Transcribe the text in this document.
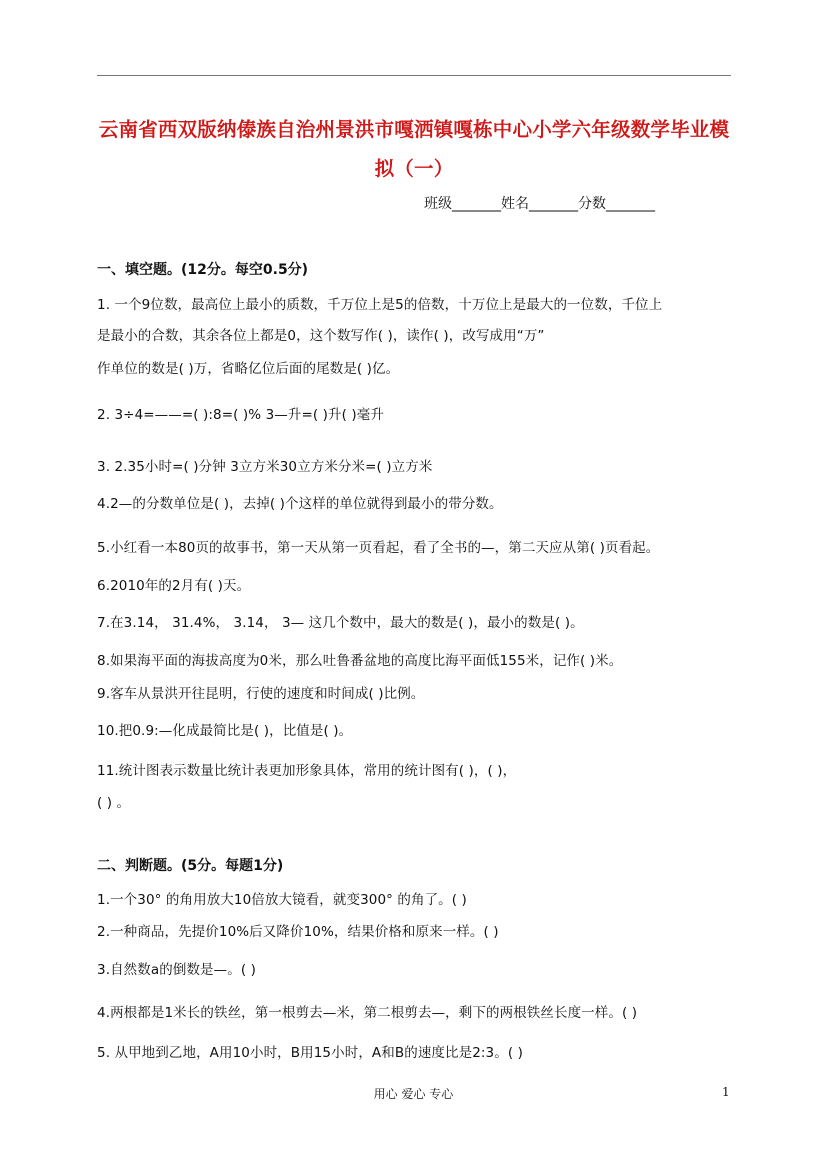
云南省西双版纳傣族自治州景洪市嘎洒镇嘎栋中心小学六年级数学毕业模
拟（一）
班级_______姓名_______分数_______
一、填空题。(12分。每空0.5分)
1. 一个9位数，最高位上最小的质数，千万位上是5的倍数，十万位上是最大的一位数，千位上
是最小的合数，其余各位上都是0，这个数写作( )，读作( )，改写成用“万”
作单位的数是( )万，省略亿位后面的尾数是( )亿。
2. 3÷4=——=( ):8=( )% 3—升=( )升( )毫升
3. 2.35小时=( )分钟 3立方米30立方米分米=( )立方米
4.2—的分数单位是( )，去掉( )个这样的单位就得到最小的带分数。
5.小红看一本80页的故事书，第一天从第一页看起，看了全书的—，第二天应从第( )页看起。
6.2010年的2月有( )天。
7.在3.14， 31.4%， 3.14， 3— 这几个数中，最大的数是( )，最小的数是( )。
8.如果海平面的海拔高度为0米，那么吐鲁番盆地的高度比海平面低155米，记作( )米。
9.客车从景洪开往昆明，行使的速度和时间成( )比例。
10.把0.9:—化成最简比是( )，比值是( )。
11.统计图表示数量比统计表更加形象具体，常用的统计图有( )，( )，
( ) 。
二、判断题。(5分。每题1分)
1.一个30° 的角用放大10倍放大镜看，就变300° 的角了。( )
2.一种商品，先提价10%后又降价10%，结果价格和原来一样。( )
3.自然数a的倒数是—。( )
4.两根都是1米长的铁丝，第一根剪去—米，第二根剪去—，剩下的两根铁丝长度一样。( )
5. 从甲地到乙地，A用10小时，B用15小时，A和B的速度比是2:3。( )
用心 爱心 专心	1
